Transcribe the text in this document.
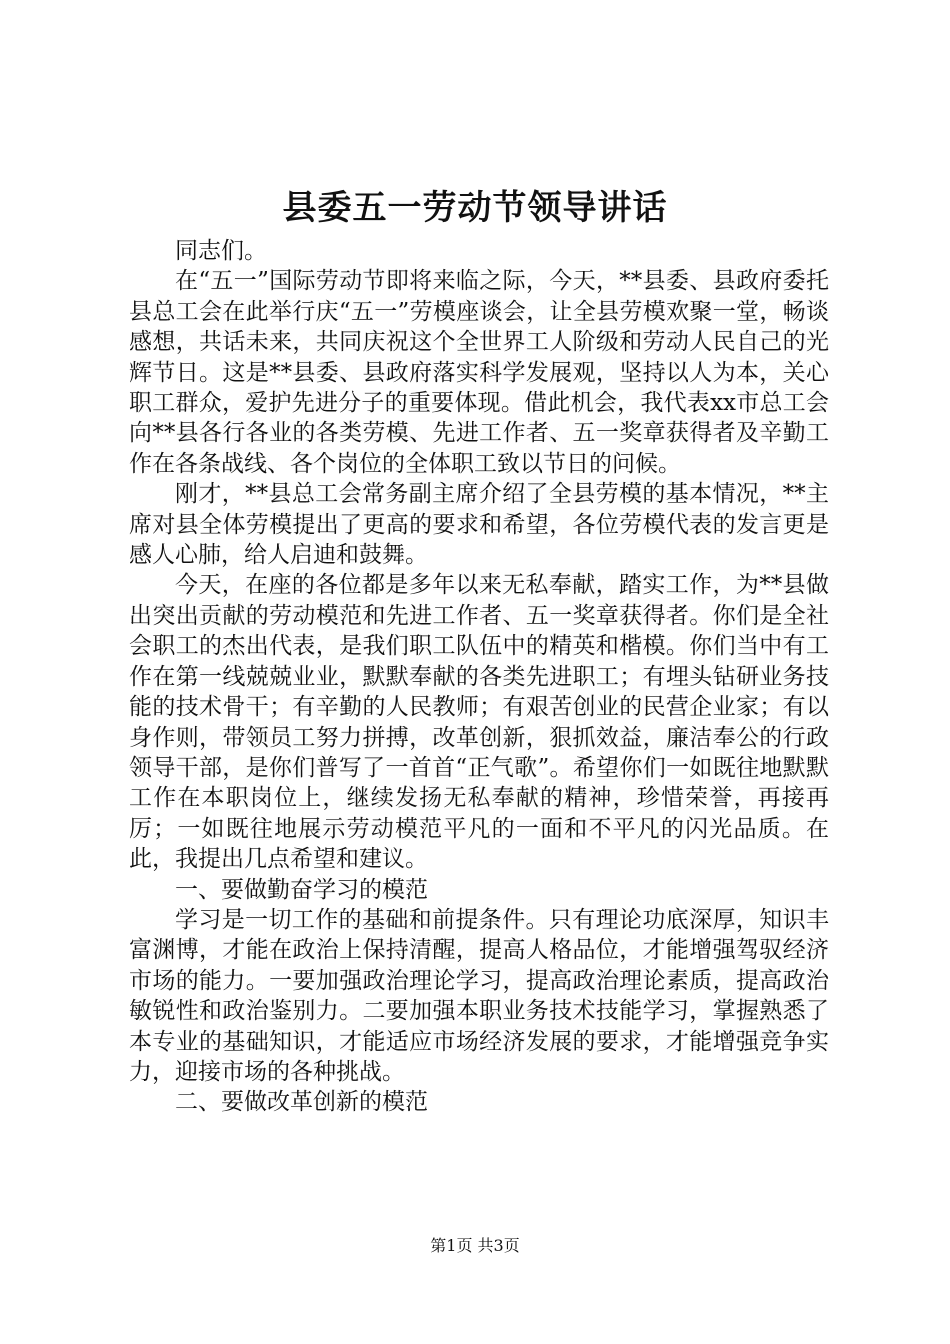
县委五一劳动节领导讲话

同志们。

在“五一”国际劳动节即将来临之际，今天，**县委、县政府委托县总工会在此举行庆“五一”劳模座谈会，让全县劳模欢聚一堂，畅谈感想，共话未来，共同庆祝这个全世界工人阶级和劳动人民自己的光辉节日。这是**县委、县政府落实科学发展观，坚持以人为本，关心职工群众，爱护先进分子的重要体现。借此机会，我代表xx市总工会向**县各行各业的各类劳模、先进工作者、五一奖章获得者及辛勤工作在各条战线、各个岗位的全体职工致以节日的问候。

刚才，**县总工会常务副主席介绍了全县劳模的基本情况，**主席对县全体劳模提出了更高的要求和希望，各位劳模代表的发言更是感人心肺，给人启迪和鼓舞。

今天，在座的各位都是多年以来无私奉献，踏实工作，为**县做出突出贡献的劳动模范和先进工作者、五一奖章获得者。你们是全社会职工的杰出代表，是我们职工队伍中的精英和楷模。你们当中有工作在第一线兢兢业业，默默奉献的各类先进职工；有埋头钻研业务技能的技术骨干；有辛勤的人民教师；有艰苦创业的民营企业家；有以身作则，带领员工努力拼搏，改革创新，狠抓效益，廉洁奉公的行政领导干部，是你们普写了一首首“正气歌”。希望你们一如既往地默默工作在本职岗位上，继续发扬无私奉献的精神，珍惜荣誉，再接再厉；一如既往地展示劳动模范平凡的一面和不平凡的闪光品质。在此，我提出几点希望和建议。

一、要做勤奋学习的模范

学习是一切工作的基础和前提条件。只有理论功底深厚，知识丰富渊博，才能在政治上保持清醒，提高人格品位，才能增强驾驭经济市场的能力。一要加强政治理论学习，提高政治理论素质，提高政治敏锐性和政治鉴别力。二要加强本职业务技术技能学习，掌握熟悉了本专业的基础知识，才能适应市场经济发展的要求，才能增强竞争实力，迎接市场的各种挑战。

二、要做改革创新的模范

第1页 共3页
